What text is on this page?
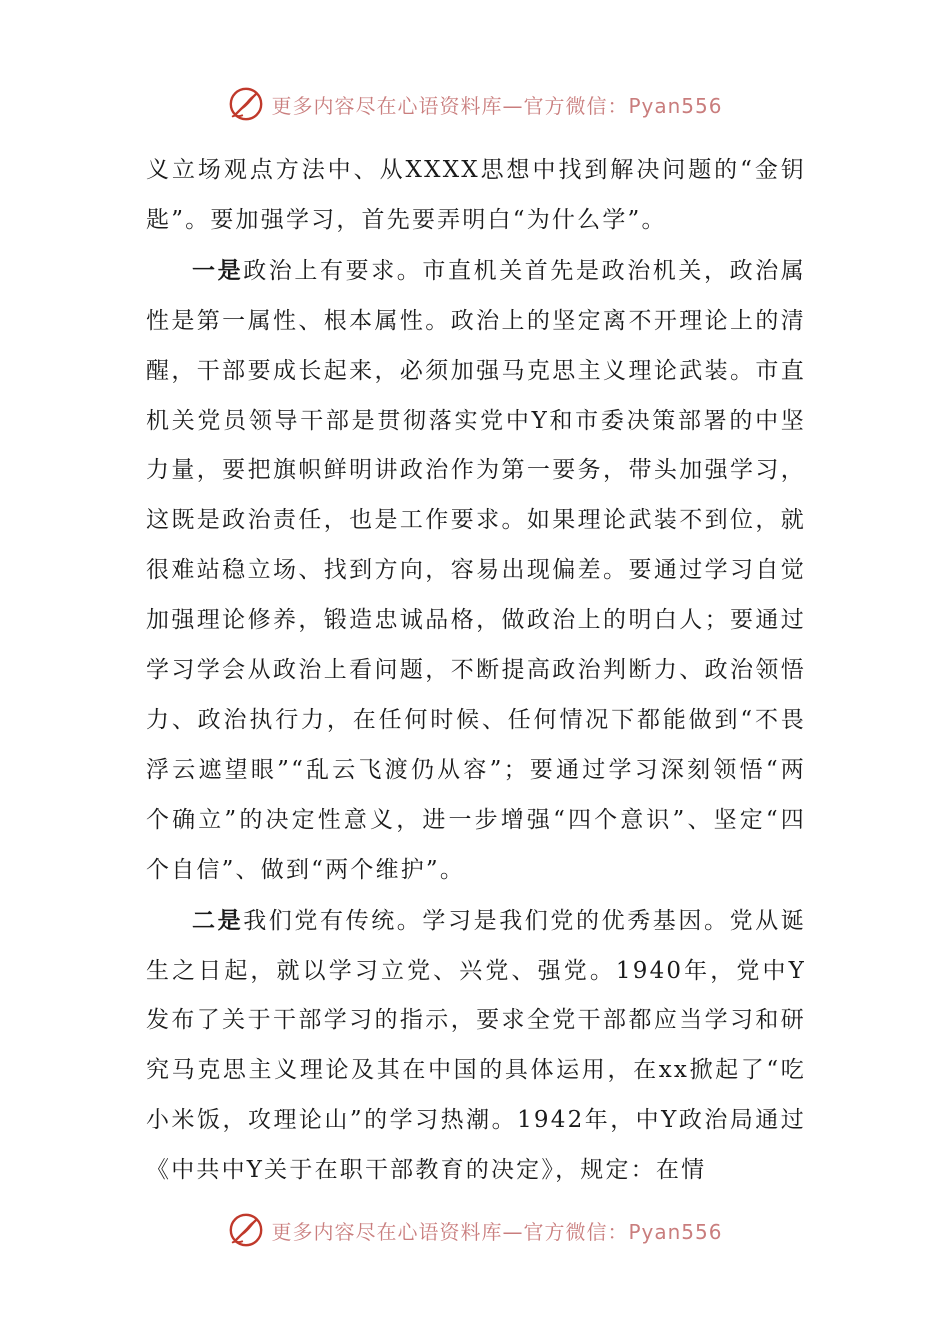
更多内容尽在心语资料库—官方微信：Pyan556

义立场观点方法中、从XXXX思想中找到解决问题的“金钥匙”。要加强学习，首先要弄明白“为什么学”。

一是政治上有要求。市直机关首先是政治机关，政治属性是第一属性、根本属性。政治上的坚定离不开理论上的清醒，干部要成长起来，必须加强马克思主义理论武装。市直机关党员领导干部是贯彻落实党中Y和市委决策部署的中坚力量，要把旗帜鲜明讲政治作为第一要务，带头加强学习，这既是政治责任，也是工作要求。如果理论武装不到位，就很难站稳立场、找到方向，容易出现偏差。要通过学习自觉加强理论修养，锻造忠诚品格，做政治上的明白人；要通过学习学会从政治上看问题，不断提高政治判断力、政治领悟力、政治执行力，在任何时候、任何情况下都能做到“不畏浮云遮望眼”“乱云飞渡仍从容”；要通过学习深刻领悟“两个确立”的决定性意义，进一步增强“四个意识”、坚定“四个自信”、做到“两个维护”。

二是我们党有传统。学习是我们党的优秀基因。党从诞生之日起，就以学习立党、兴党、强党。1940年，党中Y发布了关于干部学习的指示，要求全党干部都应当学习和研究马克思主义理论及其在中国的具体运用，在xx掀起了“吃小米饭，攻理论山”的学习热潮。1942年，中Y政治局通过《中共中Y关于在职干部教育的决定》，规定：在情

更多内容尽在心语资料库—官方微信：Pyan556
